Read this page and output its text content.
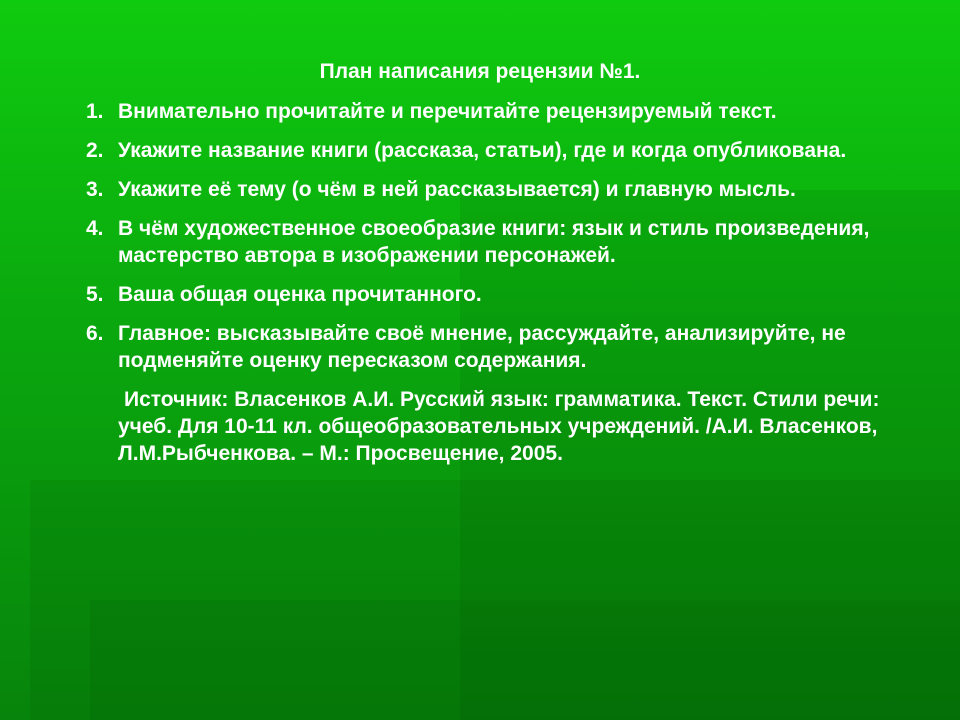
План написания рецензии №1.
1. Внимательно прочитайте и перечитайте рецензируемый текст.
2. Укажите название книги (рассказа, статьи), где и когда опубликована.
3. Укажите её тему (о чём в ней рассказывается) и главную мысль.
4. В чём художественное своеобразие книги: язык и стиль произведения, мастерство автора в изображении персонажей.
5. Ваша общая оценка прочитанного.
6. Главное: высказывайте своё мнение, рассуждайте, анализируйте, не подменяйте оценку пересказом содержания.
Источник: Власенков А.И. Русский язык: грамматика. Текст. Стили речи: учеб. Для 10-11 кл. общеобразовательных учреждений. /А.И. Власенков, Л.М.Рыбченкова. – М.: Просвещение, 2005.
